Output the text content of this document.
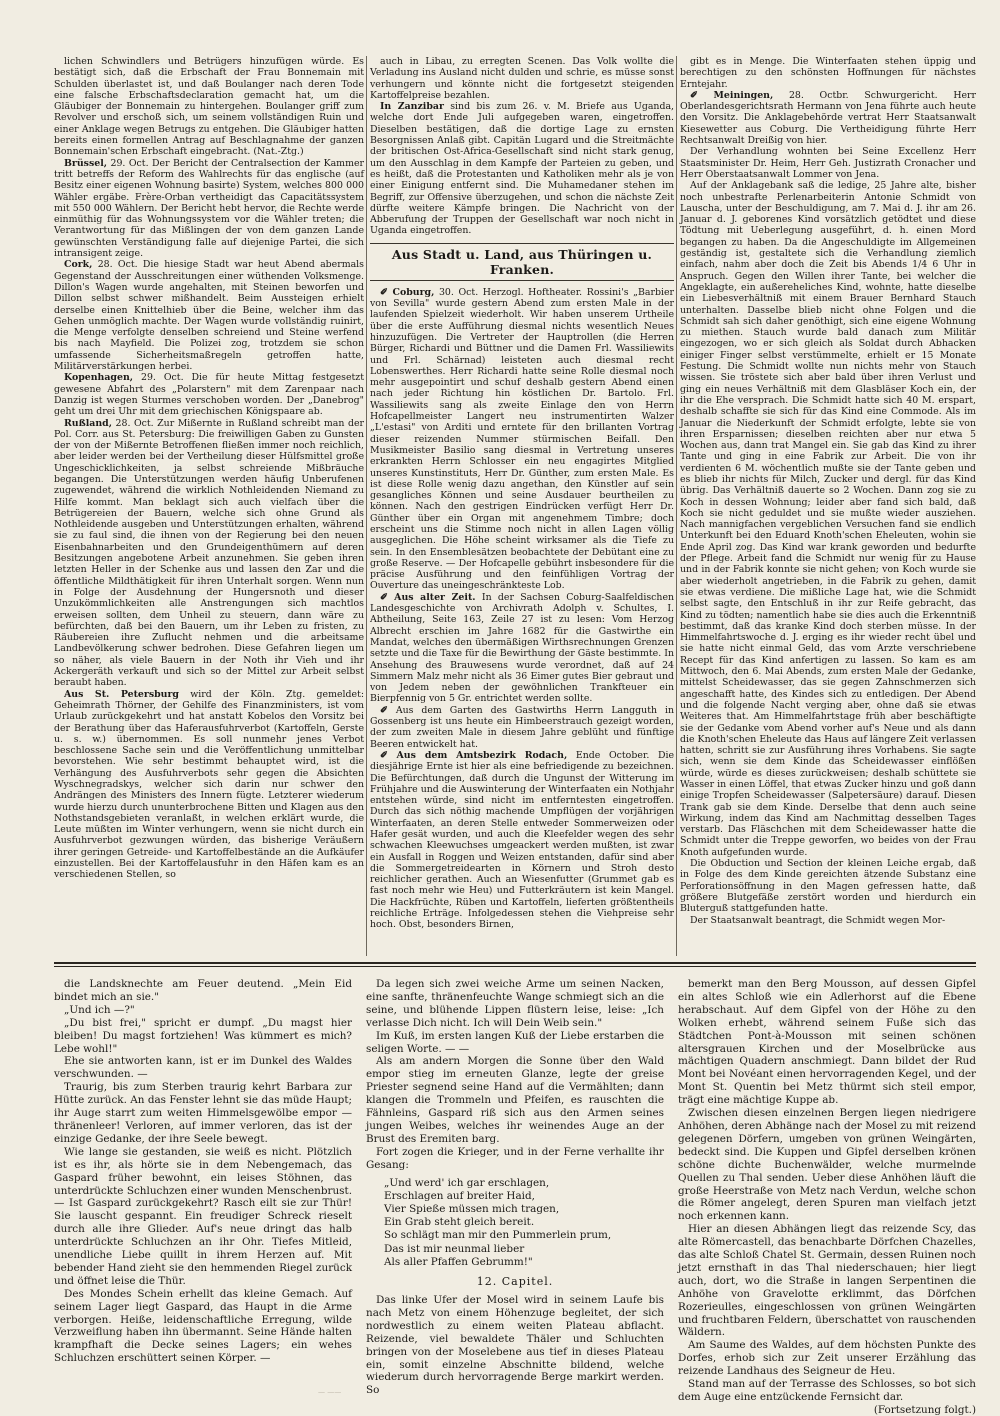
lichen Schwindlers und Betrügers hinzufügen würde. Es bestätigt sich, daß die Erbschaft der Frau Bonnemain mit Schulden überlastet ist, und daß Boulanger nach deren Tode eine falsche Erbschaftsdeclaration gemacht hat, um die Gläubiger der Bonnemain zu hintergehen. Boulanger griff zum Revolver und erschoß sich, um seinem vollständigen Ruin und einer Anklage wegen Betrugs zu entgehen. Die Gläubiger hatten bereits einen formellen Antrag auf Beschlagnahme der ganzen Bonnemain'schen Erbschaft eingebracht. (Nat.-Ztg.)

Brüssel, 29. Oct. Der Bericht der Centralsection der Kammer tritt betreffs der Reform des Wahlrechts für das englische (auf Besitz einer eigenen Wohnung basirte) System, welches 800 000 Wähler ergäbe. Frère-Orban vertheidigt das Capacitätssystem mit 550 000 Wählern. Der Bericht hebt hervor, die Rechte werde einmüthig für das Wohnungssystem vor die Wähler treten; die Verantwortung für das Mißlingen der von dem ganzen Lande gewünschten Verständigung falle auf diejenige Partei, die sich intransigent zeige.

Cork, 28. Oct. Die hiesige Stadt war heut Abend abermals Gegenstand der Ausschreitungen einer wüthenden Volksmenge. Dillon's Wagen wurde angehalten, mit Steinen beworfen und Dillon selbst schwer mißhandelt. Beim Aussteigen erhielt derselbe einen Knittelhieb über die Beine, welcher ihm das Gehen unmöglich machte. Der Wagen wurde vollständig ruinirt, die Menge verfolgte denselben schreiend und Steine werfend bis nach Mayfield. Die Polizei zog, trotzdem sie schon umfassende Sicherheitsmaßregeln getroffen hatte, Militärverstärkungen herbei.

Kopenhagen, 29. Oct. Die für heute Mittag festgesetzt gewesene Abfahrt des „Polarstern" mit dem Zarenpaar nach Danzig ist wegen Sturmes verschoben worden. Der „Danebrog" geht um drei Uhr mit dem griechischen Königspaare ab.

Rußland, 28. Oct. Zur Mißernte in Rußland schreibt man der Pol. Corr. aus St. Petersburg: Die freiwilligen Gaben zu Gunsten der von der Mißernte Betroffenen fließen immer noch reichlich, aber leider werden bei der Vertheilung dieser Hülfsmittel große Ungeschicklichkeiten, ja selbst schreiende Mißbräuche begangen. Die Unterstützungen werden häufig Unberufenen zugewendet, während die wirklich Nothleidenden Niemand zu Hilfe kommt. Man beklagt sich auch vielfach über die Betrügereien der Bauern, welche sich ohne Grund als Nothleidende ausgeben und Unterstützungen erhalten, während sie zu faul sind, die ihnen von der Regierung bei den neuen Eisenbahnarbeiten und den Grundeigenthümern auf deren Besitzungen angebotene Arbeit anzunehmen. Sie geben ihren letzten Heller in der Schenke aus und lassen den Zar und die öffentliche Mildthätigkeit für ihren Unterhalt sorgen. Wenn nun in Folge der Ausdehnung der Hungersnoth und dieser Unzukömmlichkeiten alle Anstrengungen sich machtlos erweisen sollten, dem Unheil zu steuern, dann wäre zu befürchten, daß bei den Bauern, um ihr Leben zu fristen, zu Räubereien ihre Zuflucht nehmen und die arbeitsame Landbevölkerung schwer bedrohen. Diese Gefahren liegen um so näher, als viele Bauern in der Noth ihr Vieh und ihr Ackergeräth verkauft und sich so der Mittel zur Arbeit selbst beraubt haben.

Aus St. Petersburg wird der Köln. Ztg. gemeldet: Geheimrath Thörner, der Gehilfe des Finanzministers, ist vom Urlaub zurückgekehrt und hat anstatt Kobelos den Vorsitz bei der Berathung über das Haferausfuhrverbot (Kartoffeln, Gerste u. s. w.) übernommen. Es soll nunmehr jenes Verbot beschlossene Sache sein und die Veröffentlichung unmittelbar bevorstehen. Wie sehr bestimmt behauptet wird, ist die Verhängung des Ausfuhrverbots sehr gegen die Absichten Wyschnegradskys, welcher sich darin nur schwer den Andrängen des Ministers des Innern fügte. Letzterer wiederum wurde hierzu durch ununterbrochene Bitten und Klagen aus den Nothstandsgebieten veranlaßt, in welchen erklärt wurde, die Leute müßten im Winter verhungern, wenn sie nicht durch ein Ausfuhrverbot gezwungen würden, das bisherige Veräußern ihrer geringen Getreide- und Kartoffelbestände an die Aufkäufer einzustellen. Bei der Kartoffelausfuhr in den Häfen kam es an verschiedenen Stellen, so

auch in Libau, zu erregten Scenen. Das Volk wollte die Verladung ins Ausland nicht dulden und schrie, es müsse sonst verhungern und könnte nicht die fortgesetzt steigenden Kartoffelpreise bezahlen.

In Zanzibar sind bis zum 26. v. M. Briefe aus Uganda, welche dort Ende Juli aufgegeben waren, eingetroffen. Dieselben bestätigen, daß die dortige Lage zu ernsten Besorgnissen Anlaß gibt. Capitän Lugard und die Streitmächte der britischen Ost-Africa-Gesellschaft sind nicht stark genug, um den Ausschlag in dem Kampfe der Parteien zu geben, und es heißt, daß die Protestanten und Katholiken mehr als je von einer Einigung entfernt sind. Die Muhamedaner stehen im Begriff, zur Offensive überzugehen, und schon die nächste Zeit dürfte weitere Kämpfe bringen. Die Nachricht von der Abberufung der Truppen der Gesellschaft war noch nicht in Uganda eingetroffen.

Aus Stadt u. Land, aus Thüringen u. Franken.

✐ Coburg, 30. Oct. Herzogl. Hoftheater. Rossini's „Barbier von Sevilla" wurde gestern Abend zum ersten Male in der laufenden Spielzeit wiederholt. Wir haben unserem Urtheile über die erste Aufführung diesmal nichts wesentlich Neues hinzuzufügen. Die Vertreter der Hauptrollen (die Herren Bürger, Richardi und Büttner und die Damen Frl. Wassiliewits und Frl. Schärnad) leisteten auch diesmal recht Lobenswerthes. Herr Richardi hatte seine Rolle diesmal noch mehr ausgepointirt und schuf deshalb gestern Abend einen nach jeder Richtung hin köstlichen Dr. Bartolo. Frl. Wassiliewits sang als zweite Einlage den von Herrn Hofcapellmeister Langert neu instrumentirten Walzer „L'estasi" von Arditi und erntete für den brillanten Vortrag dieser reizenden Nummer stürmischen Beifall. Den Musikmeister Basilio sang diesmal in Vertretung unseres erkrankten Herrn Schlosser ein neu engagirtes Mitglied unseres Kunstinstituts, Herr Dr. Günther, zum ersten Male. Es ist diese Rolle wenig dazu angethan, den Künstler auf sein gesangliches Können und seine Ausdauer beurtheilen zu können. Nach den gestrigen Eindrücken verfügt Herr Dr. Günther über ein Organ mit angenehmem Timbre; doch erscheint uns die Stimme noch nicht in allen Lagen völlig ausgeglichen. Die Höhe scheint wirksamer als die Tiefe zu sein. In den Ensemblesätzen beobachtete der Debütant eine zu große Reserve. — Der Hofcapelle gebührt insbesondere für die präcise Ausführung und den feinfühligen Vortrag der Ouverture das uneingeschränkteste Lob.

✐ Aus alter Zeit. In der Sachsen Coburg-Saalfeldischen Landesgeschichte von Archivrath Adolph v. Schultes, I. Abtheilung, Seite 163, Zeile 27 ist zu lesen: Vom Herzog Albrecht erschien im Jahre 1682 für die Gastwirthe ein Mandat, welches den übermäßigen Wirthsrechnungen Grenzen setzte und die Taxe für die Bewirthung der Gäste bestimmte. In Ansehung des Brauwesens wurde verordnet, daß auf 24 Simmern Malz mehr nicht als 36 Eimer gutes Bier gebraut und von Jedem neben der gewöhnlichen Trankfteuer ein Bierpfennig von 5 Gr. entrichtet werden sollte.

✐ Aus dem Garten des Gastwirths Herrn Langguth in Gossenberg ist uns heute ein Himbeerstrauch gezeigt worden, der zum zweiten Male in diesem Jahre geblüht und fünftige Beeren entwickelt hat.

✐ Aus dem Amtsbezirk Rodach, Ende October. Die diesjährige Ernte ist hier als eine befriedigende zu bezeichnen. Die Befürchtungen, daß durch die Ungunst der Witterung im Frühjahre und die Auswinterung der Winterfaaten ein Nothjahr entstehen würde, sind nicht im entferntesten eingetroffen. Durch das sich nöthig machende Umpflügen der vorjährigen Winterfaaten, an deren Stelle entweder Sommerweizen oder Hafer gesät wurden, und auch die Kleefelder wegen des sehr schwachen Kleewuchses umgeackert werden mußten, ist zwar ein Ausfall in Roggen und Weizen entstanden, dafür sind aber die Sommergetreidearten in Körnern und Stroh desto reichlicher gerathen. Auch an Wiesenfutter (Grummet gab es fast noch mehr wie Heu) und Futterkräutern ist kein Mangel. Die Hackfrüchte, Rüben und Kartoffeln, lieferten größtentheils reichliche Erträge. Infolgedessen stehen die Viehpreise sehr hoch. Obst, besonders Birnen,

gibt es in Menge. Die Winterfaaten stehen üppig und berechtigen zu den schönsten Hoffnungen für nächstes Erntejahr.

✐ Meiningen, 28. Octbr. Schwurgericht. Herr Oberlandesgerichtsrath Hermann von Jena führte auch heute den Vorsitz. Die Anklagebehörde vertrat Herr Staatsanwalt Kiesewetter aus Coburg. Die Vertheidigung führte Herr Rechtsanwalt Dreißig von hier.

Der Verhandlung wohnten bei Seine Excellenz Herr Staatsminister Dr. Heim, Herr Geh. Justizrath Cronacher und Herr Oberstaatsanwalt Lommer von Jena.

Auf der Anklagebank saß die ledige, 25 Jahre alte, bisher noch unbestrafte Perlenarbeiterin Antonie Schmidt von Lauscha, unter der Beschuldigung, am 7. Mai d. J. ihr am 26. Januar d. J. geborenes Kind vorsätzlich getödtet und diese Tödtung mit Ueberlegung ausgeführt, d. h. einen Mord begangen zu haben. Da die Angeschuldigte im Allgemeinen geständig ist, gestaltete sich die Verhandlung ziemlich einfach, nahm aber doch die Zeit bis Abends 1/4 6 Uhr in Anspruch. Gegen den Willen ihrer Tante, bei welcher die Angeklagte, ein außereheliches Kind, wohnte, hatte dieselbe ein Liebesverhältniß mit einem Brauer Bernhard Stauch unterhalten. Dasselbe blieb nicht ohne Folgen und die Schmidt sah sich daher genöthigt, sich eine eigene Wohnung zu miethen. Stauch wurde bald danach zum Militär eingezogen, wo er sich gleich als Soldat durch Abhacken einiger Finger selbst verstümmelte, erhielt er 15 Monate Festung. Die Schmidt wollte nun nichts mehr von Stauch wissen. Sie tröstete sich aber bald über ihren Verlust und ging ein neues Verhältniß mit dem Glasbläser Koch ein, der ihr die Ehe versprach. Die Schmidt hatte sich 40 M. erspart, deshalb schaffte sie sich für das Kind eine Commode. Als im Januar die Niederkunft der Schmidt erfolgte, lebte sie von ihren Ersparnissen; dieselben reichten aber nur etwa 5 Wochen aus, dann trat Mangel ein. Sie gab das Kind zu ihrer Tante und ging in eine Fabrik zur Arbeit. Die von ihr verdienten 6 M. wöchentlich mußte sie der Tante geben und es blieb ihr nichts für Milch, Zucker und dergl. für das Kind übrig. Das Verhältniß dauerte so 2 Wochen. Dann zog sie zu Koch in dessen Wohnung; leider aber fand sich bald, daß Koch sie nicht geduldet und sie mußte wieder ausziehen. Nach mannigfachen vergeblichen Versuchen fand sie endlich Unterkunft bei den Eduard Knoth'schen Eheleuten, wohin sie Ende April zog. Das Kind war krank geworden und bedurfte der Pflege. Arbeit fand die Schmidt nur wenig für zu Hause und in der Fabrik konnte sie nicht gehen; von Koch wurde sie aber wiederholt angetrieben, in die Fabrik zu gehen, damit sie etwas verdiene. Die mißliche Lage hat, wie die Schmidt selbst sagte, den Entschluß in ihr zur Reife gebracht, das Kind zu tödten; namentlich habe sie dies auch die Erkenntniß bestimmt, daß das kranke Kind doch sterben müsse. In der Himmelfahrtswoche d. J. erging es ihr wieder recht übel und sie hatte nicht einmal Geld, das vom Arzte verschriebene Recept für das Kind anfertigen zu lassen. So kam es am Mittwoch, den 6. Mai Abends, zum ersten Male der Gedanke, mittelst Scheidewasser, das sie gegen Zahnschmerzen sich angeschafft hatte, des Kindes sich zu entledigen. Der Abend und die folgende Nacht verging aber, ohne daß sie etwas Weiteres that. Am Himmelfahrtstage früh aber beschäftigte sie der Gedanke vom Abend vorher auf's Neue und als dann die Knoth'schen Eheleute das Haus auf längere Zeit verlassen hatten, schritt sie zur Ausführung ihres Vorhabens. Sie sagte sich, wenn sie dem Kinde das Scheidewasser einflößen würde, würde es dieses zurückweisen; deshalb schüttete sie Wasser in einen Löffel, that etwas Zucker hinzu und goß dann einige Tropfen Scheidewasser (Salpetersäure) darauf. Diesen Trank gab sie dem Kinde. Derselbe that denn auch seine Wirkung, indem das Kind am Nachmittag desselben Tages verstarb. Das Fläschchen mit dem Scheidewasser hatte die Schmidt unter die Treppe geworfen, wo beides von der Frau Knoth aufgefunden wurde.

Die Obduction und Section der kleinen Leiche ergab, daß in Folge des dem Kinde gereichten ätzende Substanz eine Perforationsöffnung in den Magen gefressen hatte, daß größere Blutgefäße zerstört worden und hierdurch ein Bluterguß stattgefunden hatte.

Der Staatsanwalt beantragt, die Schmidt wegen Mor-

die Landsknechte am Feuer deutend. „Mein Eid bindet mich an sie."

„Und ich —?"

„Du bist frei," spricht er dumpf. „Du magst hier bleiben! Du magst fortziehen! Was kümmert es mich? Lebe wohl!"

Ehe sie antworten kann, ist er im Dunkel des Waldes verschwunden. —

Traurig, bis zum Sterben traurig kehrt Barbara zur Hütte zurück. An das Fenster lehnt sie das müde Haupt; ihr Auge starrt zum weiten Himmelsgewölbe empor — thränenleer! Verloren, auf immer verloren, das ist der einzige Gedanke, der ihre Seele bewegt.

Wie lange sie gestanden, sie weiß es nicht. Plötzlich ist es ihr, als hörte sie in dem Nebengemach, das Gaspard früher bewohnt, ein leises Stöhnen, das unterdrückte Schluchzen einer wunden Menschenbrust. — Ist Gaspard zurückgekehrt? Rasch eilt sie zur Thür! Sie lauscht gespannt. Ein freudiger Schreck rieselt durch alle ihre Glieder. Auf's neue dringt das halb unterdrückte Schluchzen an ihr Ohr. Tiefes Mitleid, unendliche Liebe quillt in ihrem Herzen auf. Mit bebender Hand zieht sie den hemmenden Riegel zurück und öffnet leise die Thür.

Des Mondes Schein erhellt das kleine Gemach. Auf seinem Lager liegt Gaspard, das Haupt in die Arme verborgen. Heiße, leidenschaftliche Erregung, wilde Verzweiflung haben ihn übermannt. Seine Hände halten krampfhaft die Decke seines Lagers; ein wehes Schluchzen erschüttert seinen Körper. —

Da legen sich zwei weiche Arme um seinen Nacken, eine sanfte, thränenfeuchte Wange schmiegt sich an die seine, und blühende Lippen flüstern leise, leise: „Ich verlasse Dich nicht. Ich will Dein Weib sein."

Im Kuß, im ersten langen Kuß der Liebe erstarben die seligen Worte. — —

Als am andern Morgen die Sonne über den Wald empor stieg im erneuten Glanze, legte der greise Priester segnend seine Hand auf die Vermählten; dann klangen die Trommeln und Pfeifen, es rauschten die Fähnleins, Gaspard riß sich aus den Armen seines jungen Weibes, welches ihr weinendes Auge an der Brust des Eremiten barg.

Fort zogen die Krieger, und in der Ferne verhallte ihr Gesang:

„Und werd' ich gar erschlagen,
Erschlagen auf breiter Haid,
Vier Spieße müssen mich tragen,
Ein Grab steht gleich bereit.
So schlägt man mir den Pummerlein prum,
Das ist mir neunmal lieber
Als aller Pfaffen Gebrumm!"
12. Capitel.

Das linke Ufer der Mosel wird in seinem Laufe bis nach Metz von einem Höhenzuge begleitet, der sich nordwestlich zu einem weiten Plateau abflacht. Reizende, viel bewaldete Thäler und Schluchten bringen von der Moselebene aus tief in dieses Plateau ein, somit einzelne Abschnitte bildend, welche wiederum durch hervorragende Berge markirt werden. So

bemerkt man den Berg Mousson, auf dessen Gipfel ein altes Schloß wie ein Adlerhorst auf die Ebene herabschaut. Auf dem Gipfel von der Höhe zu den Wolken erhebt, während seinem Fuße sich das Städtchen Pont-à-Mousson mit seinen schönen altersgrauen Kirchen und der Moselbrücke aus mächtigen Quadern anschmiegt. Dann bildet der Rud Mont bei Novéant einen hervorragenden Kegel, und der Mont St. Quentin bei Metz thürmt sich steil empor, trägt eine mächtige Kuppe ab.

Zwischen diesen einzelnen Bergen liegen niedrigere Anhöhen, deren Abhänge nach der Mosel zu mit reizend gelegenen Dörfern, umgeben von grünen Weingärten, bedeckt sind. Die Kuppen und Gipfel derselben krönen schöne dichte Buchenwälder, welche murmelnde Quellen zu Thal senden. Ueber diese Anhöhen läuft die große Heerstraße von Metz nach Verdun, welche schon die Römer angelegt, deren Spuren man vielfach jetzt noch erkennen kann.

Hier an diesen Abhängen liegt das reizende Scy, das alte Römercastell, das benachbarte Dörfchen Chazelles, das alte Schloß Chatel St. Germain, dessen Ruinen noch jetzt ernsthaft in das Thal niederschauen; hier liegt auch, dort, wo die Straße in langen Serpentinen die Anhöhe von Gravelotte erklimmt, das Dörfchen Rozerieulles, eingeschlossen von grünen Weingärten und fruchtbaren Feldern, überschattet von rauschenden Wäldern.

Am Saume des Waldes, auf dem höchsten Punkte des Dorfes, erhob sich zur Zeit unserer Erzählung das reizende Landhaus des Seigneur de Heu.

Stand man auf der Terrasse des Schlosses, so bot sich dem Auge eine entzückende Fernsicht dar.

(Fortsetzung folgt.)
— ——
